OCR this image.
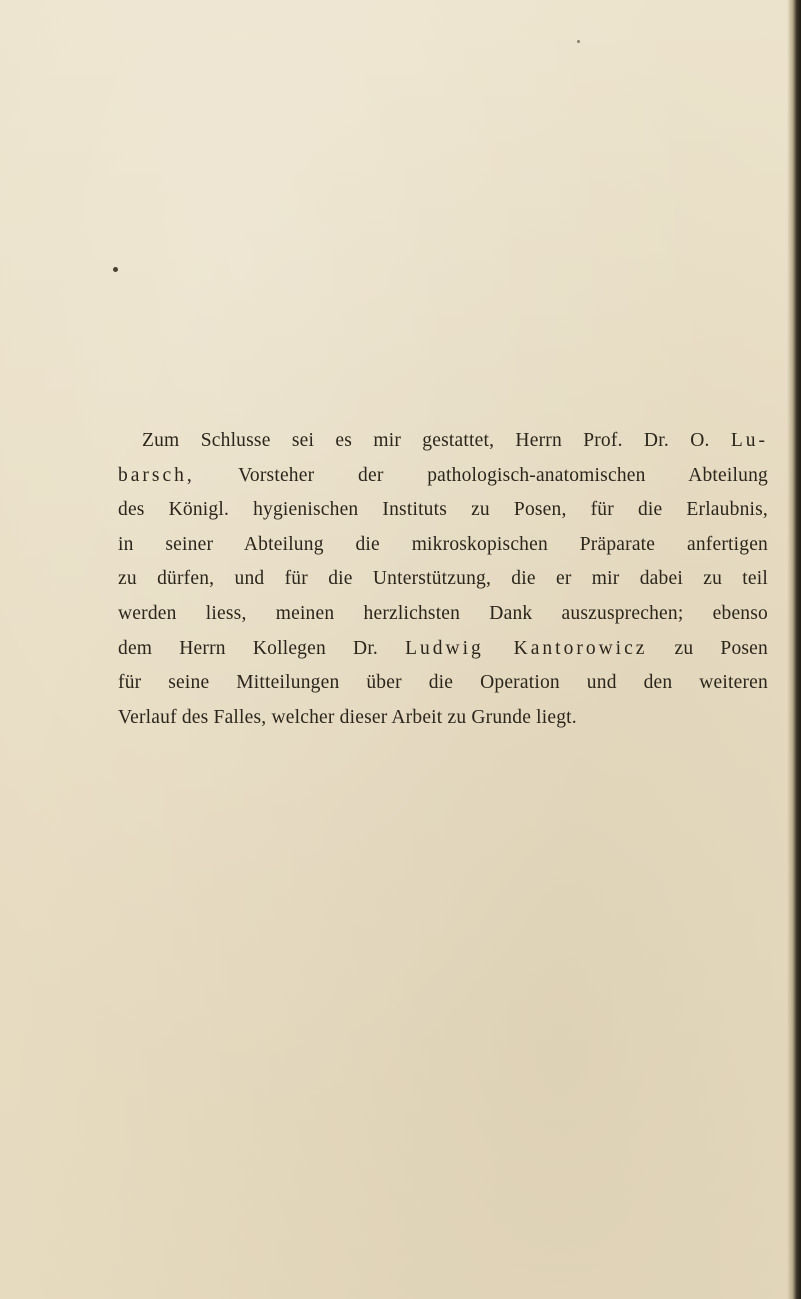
Zum Schlusse sei es mir gestattet, Herrn Prof. Dr. O. Lu-
barsch, Vorsteher der pathologisch-anatomischen Abteilung
des Königl. hygienischen Instituts zu Posen, für die Erlaubnis,
in seiner Abteilung die mikroskopischen Präparate anfertigen
zu dürfen, und für die Unterstützung, die er mir dabei zu teil
werden liess, meinen herzlichsten Dank auszusprechen; ebenso
dem Herrn Kollegen Dr. Ludwig Kantorowicz zu Posen
für seine Mitteilungen über die Operation und den weiteren
Verlauf des Falles, welcher dieser Arbeit zu Grunde liegt.
